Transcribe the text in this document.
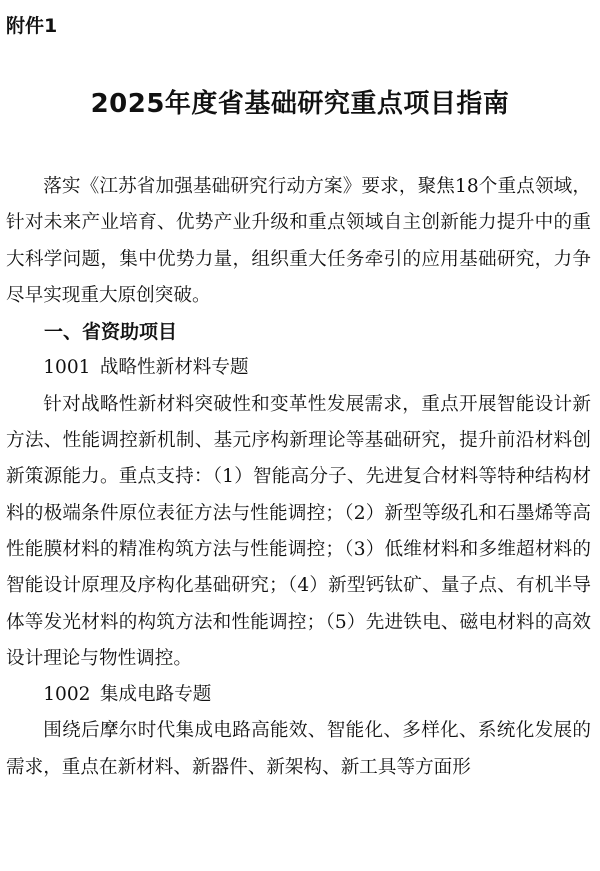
附件1
2025年度省基础研究重点项目指南

落实《江苏省加强基础研究行动方案》要求，聚焦18个重点领域，针对未来产业培育、优势产业升级和重点领域自主创新能力提升中的重大科学问题，集中优势力量，组织重大任务牵引的应用基础研究，力争尽早实现重大原创突破。

一、省资助项目

1001 战略性新材料专题

针对战略性新材料突破性和变革性发展需求，重点开展智能设计新方法、性能调控新机制、基元序构新理论等基础研究，提升前沿材料创新策源能力。重点支持：（1）智能高分子、先进复合材料等特种结构材料的极端条件原位表征方法与性能调控；（2）新型等级孔和石墨烯等高性能膜材料的精准构筑方法与性能调控；（3）低维材料和多维超材料的智能设计原理及序构化基础研究；（4）新型钙钛矿、量子点、有机半导体等发光材料的构筑方法和性能调控；（5）先进铁电、磁电材料的高效设计理论与物性调控。

1002 集成电路专题

围绕后摩尔时代集成电路高能效、智能化、多样化、系统化发展的需求，重点在新材料、新器件、新架构、新工具等方面形
